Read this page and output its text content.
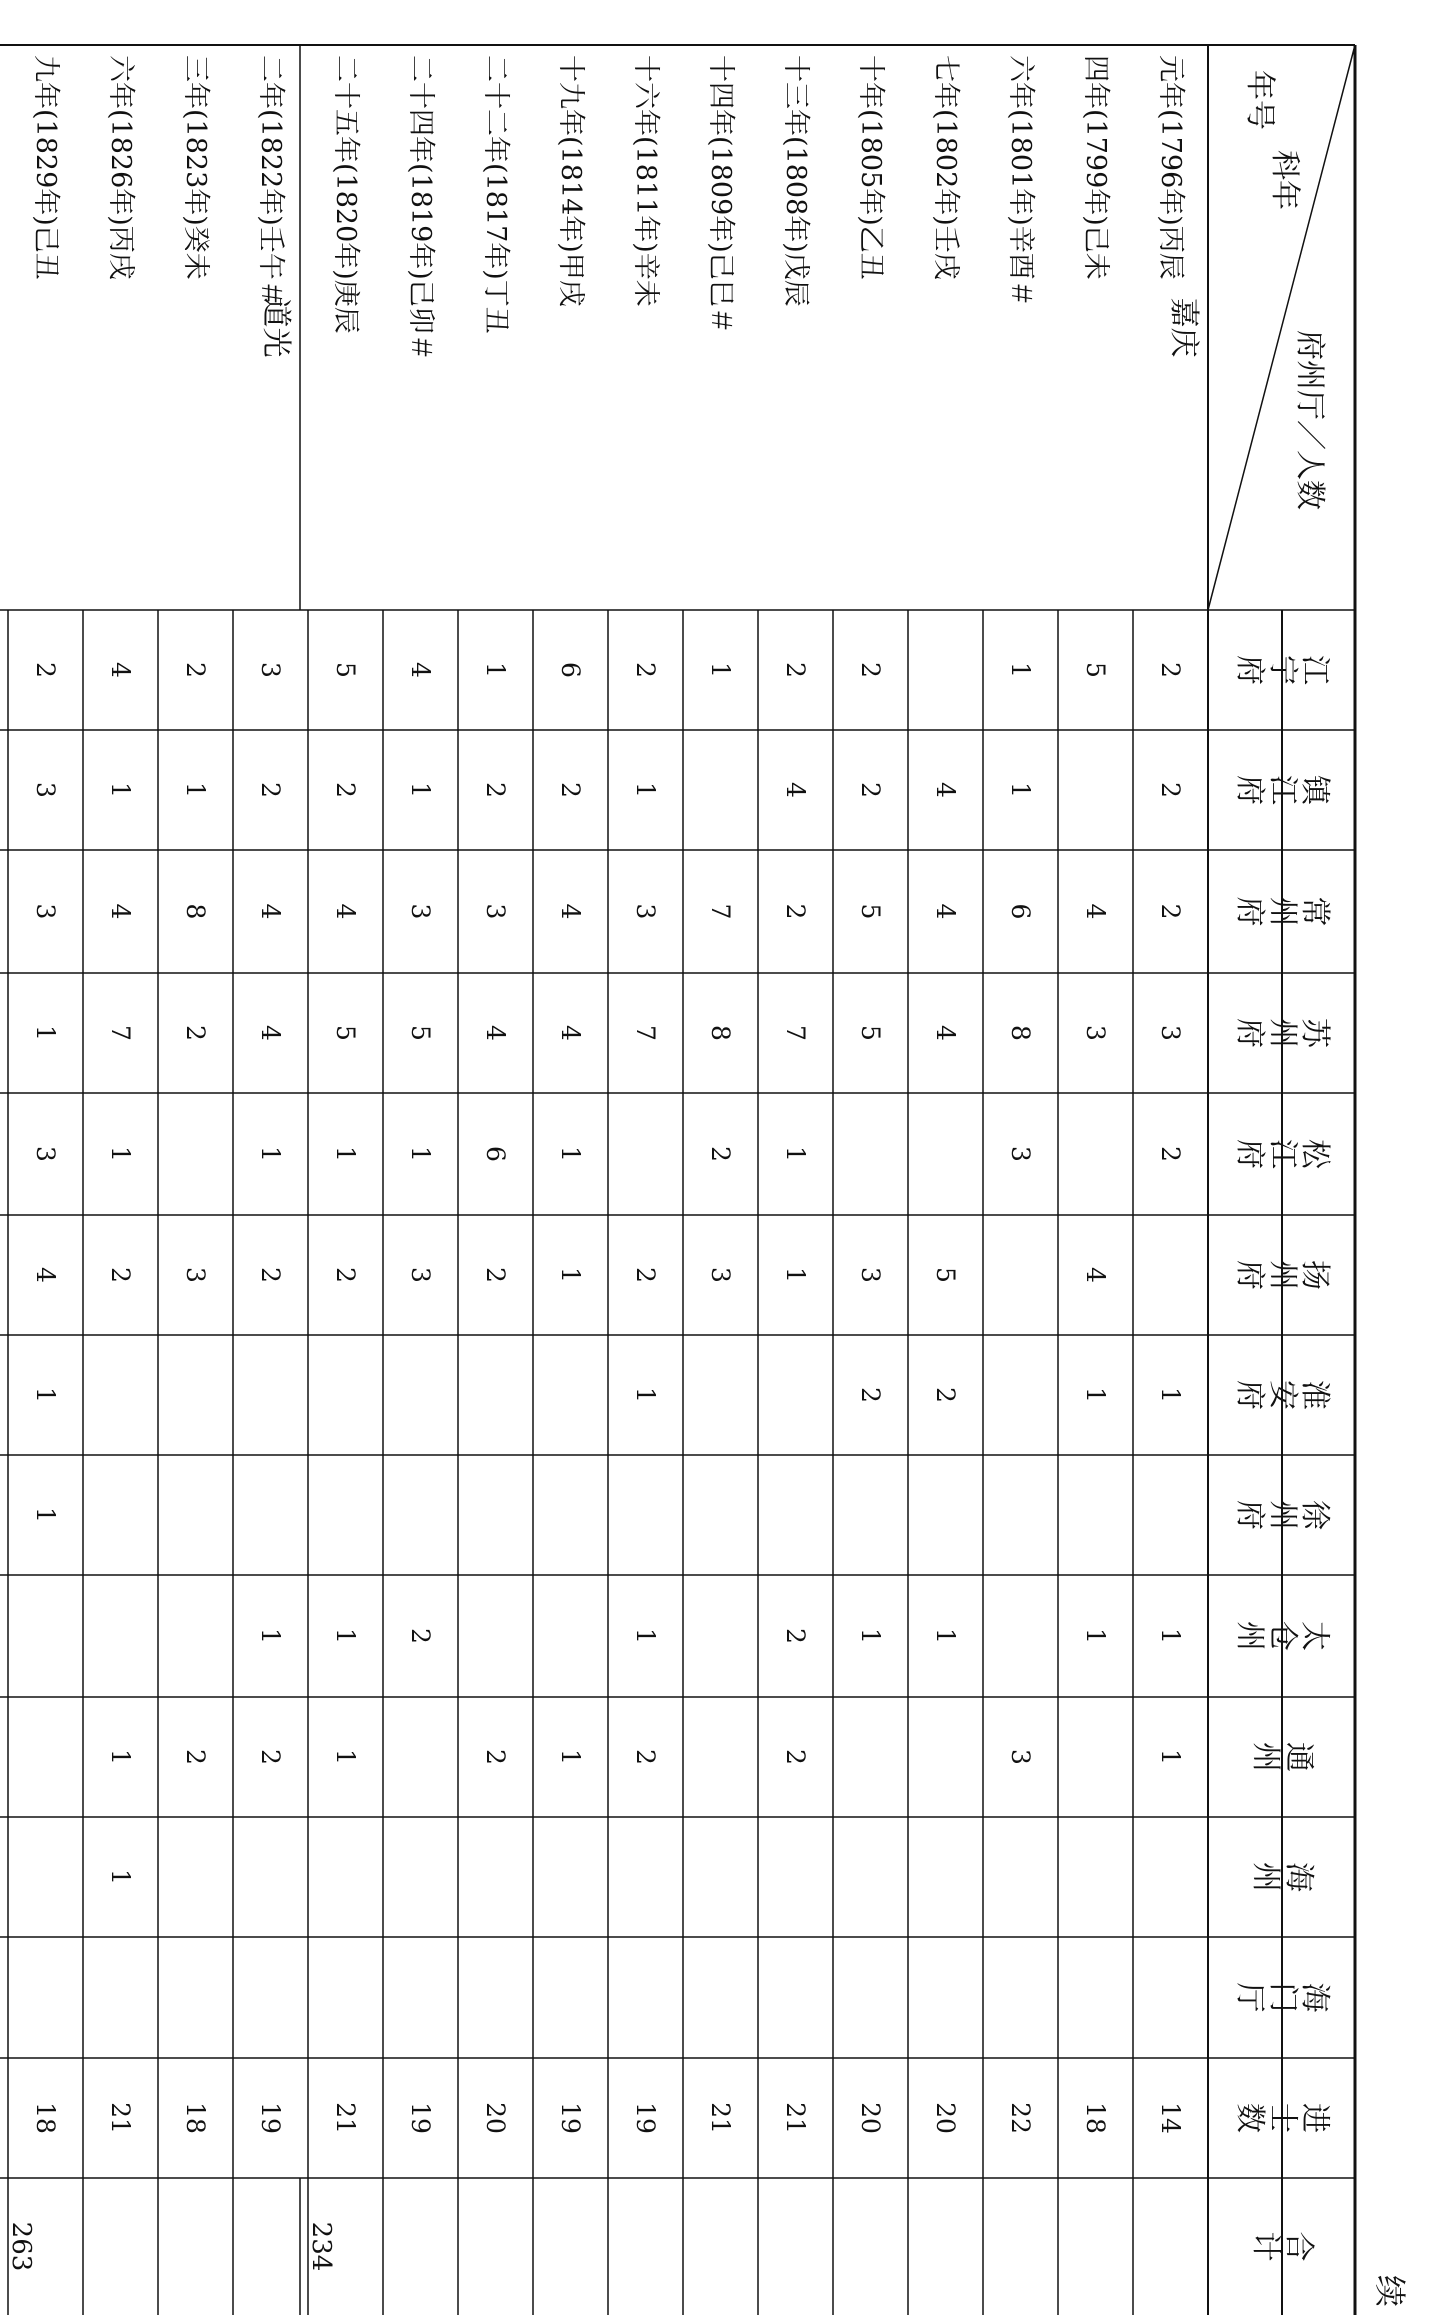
年号
科年
府州厅／人数
江宁府
镇江府
常州府
苏州府
松江府
扬州府
淮安府
徐州府
太仓州
通州
海州
海门厅
进士数
合计
嘉庆
道光
元年(1796年)丙辰
2
2
2
3
2
1
1
1
14
四年(1799年)己未
5
4
3
4
1
1
18
六年(1801年)辛酉＃
1
1
6
8
3
3
22
七年(1802年)壬戌
4
4
4
5
2
1
20
十年(1805年)乙丑
2
2
5
5
3
2
1
20
十三年(1808年)戊辰
2
4
2
7
1
1
2
2
21
十四年(1809年)己巳＃
1
7
8
2
3
21
十六年(1811年)辛未
2
1
3
7
2
1
1
2
19
十九年(1814年)甲戌
6
2
4
4
1
1
1
19
二十二年(1817年)丁丑
1
2
3
4
6
2
2
20
二十四年(1819年)己卯＃
4
1
3
5
1
3
2
19
二十五年(1820年)庚辰
5
2
4
5
1
2
1
1
21
二年(1822年)壬午＃
3
2
4
4
1
2
1
2
19
三年(1823年)癸未
2
1
8
2
3
2
18
六年(1826年)丙戌
4
1
4
7
1
2
1
1
21
九年(1829年)己丑
2
3
3
1
3
4
1
1
18
234
263
续
